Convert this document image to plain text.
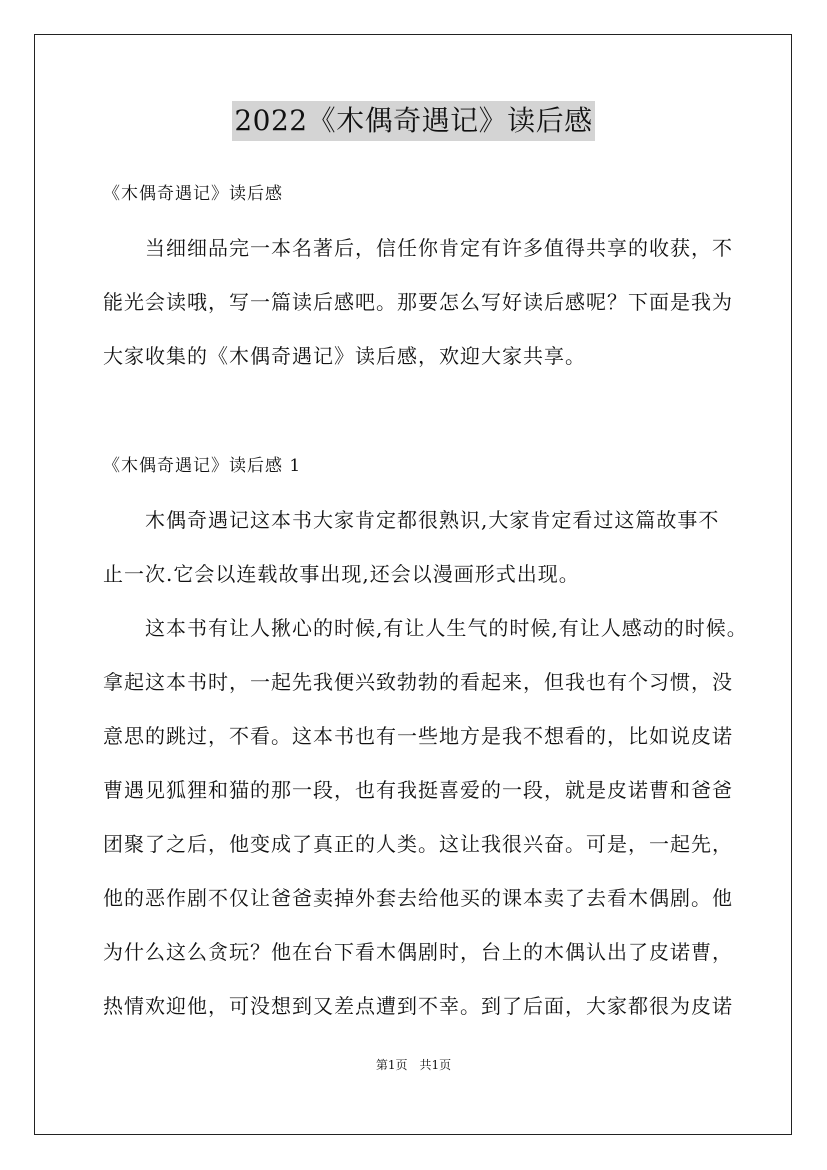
2022《木偶奇遇记》读后感
《木偶奇遇记》读后感
　　当细细品完一本名著后，信任你肯定有许多值得共享的收获，不
能光会读哦，写一篇读后感吧。那要怎么写好读后感呢？下面是我为
大家收集的《木偶奇遇记》读后感，欢迎大家共享。
《木偶奇遇记》读后感 1
　　木偶奇遇记这本书大家肯定都很熟识,大家肯定看过这篇故事不
止一次.它会以连载故事出现,还会以漫画形式出现。
　　这本书有让人揪心的时候,有让人生气的时候,有让人感动的时候。
拿起这本书时，一起先我便兴致勃勃的看起来，但我也有个习惯，没
意思的跳过，不看。这本书也有一些地方是我不想看的，比如说皮诺
曹遇见狐狸和猫的那一段，也有我挺喜爱的一段，就是皮诺曹和爸爸
团聚了之后，他变成了真正的人类。这让我很兴奋。可是，一起先，
他的恶作剧不仅让爸爸卖掉外套去给他买的课本卖了去看木偶剧。他
为什么这么贪玩？他在台下看木偶剧时，台上的木偶认出了皮诺曹，
热情欢迎他，可没想到又差点遭到不幸。到了后面，大家都很为皮诺
第1页　共1页
